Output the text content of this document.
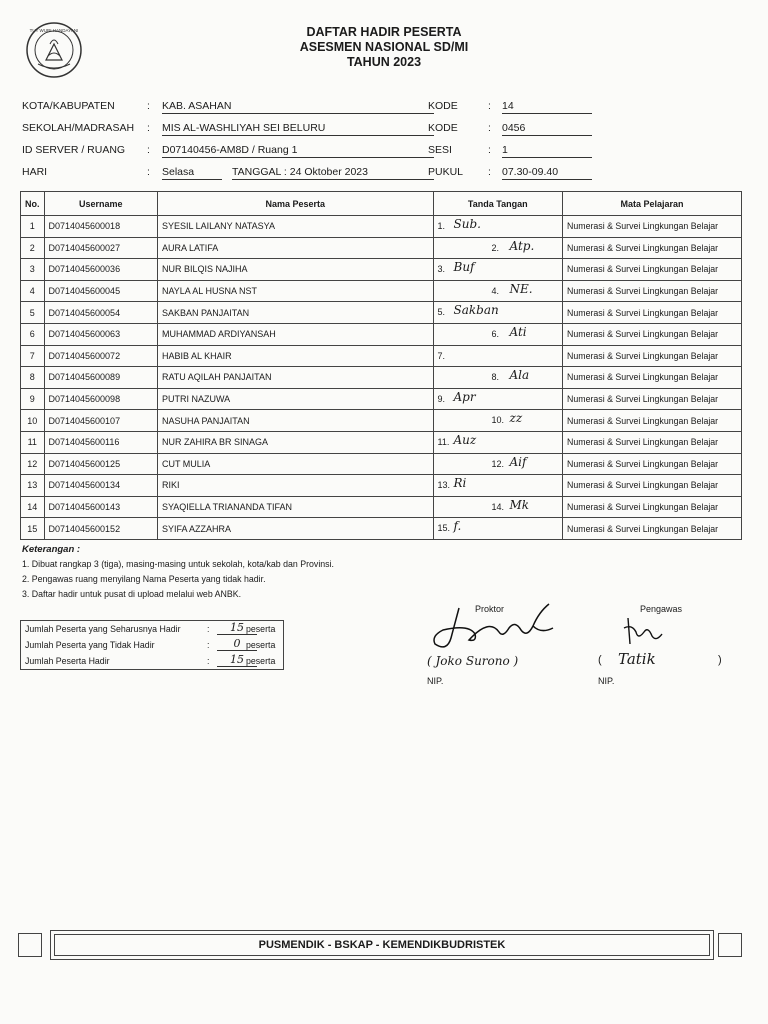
TUT WURI HANDAYANI	DAFTAR HADIR PESERTA
ASESMEN NASIONAL SD/MI
TAHUN 2023
KOTA/KABUPATEN	: KAB. ASAHAN	KODE	: 14
SEKOLAH/MADRASAH : MIS AL-WASHLIYAH SEI BELURU	KODE	: 0456
ID SERVER / RUANG : D07140456-AM8D / Ruang 1	SESI	: 1
HARI	: Selasa	TANGGAL : 24 Oktober 2023	PUKUL : 07.30-09.40
No.	Username	Nama Peserta	Tanda Tangan	Mata Pelajaran
1	D0714045600018	SYESIL LAILANY NATASYA	1. Sub.	Numerasi & Survei Lingkungan Belajar
2	D0714045600027	AURA LATIFA	2. Atp.	Numerasi & Survei Lingkungan Belajar
3	D0714045600036	NUR BILQIS NAJIHA	3. Buf	Numerasi & Survei Lingkungan Belajar
4	D0714045600045	NAYLA AL HUSNA NST	4. NE.	Numerasi & Survei Lingkungan Belajar
5	D0714045600054	SAKBAN PANJAITAN	5. Sakban	Numerasi & Survei Lingkungan Belajar
6	D0714045600063	MUHAMMAD ARDIYANSAH	6. Ati	Numerasi & Survei Lingkungan Belajar
7	D0714045600072	HABIB AL KHAIR	7.	Numerasi & Survei Lingkungan Belajar
8	D0714045600089	RATU AQILAH PANJAITAN	8. Ala	Numerasi & Survei Lingkungan Belajar
9	D0714045600098	PUTRI NAZUWA	9. Apr	Numerasi & Survei Lingkungan Belajar
10	D0714045600107	NASUHA PANJAITAN	10. zz	Numerasi & Survei Lingkungan Belajar
11	D0714045600116	NUR ZAHIRA BR SINAGA	11. Auz	Numerasi & Survei Lingkungan Belajar
12	D0714045600125	CUT MULIA	12. Aif	Numerasi & Survei Lingkungan Belajar
13	D0714045600134	RIKI	13. Ri	Numerasi & Survei Lingkungan Belajar
14	D0714045600143	SYAQIELLA TRIANANDA TIFAN	14. Mk	Numerasi & Survei Lingkungan Belajar
15	D0714045600152	SYIFA AZZAHRA	15. f.	Numerasi & Survei Lingkungan Belajar
Keterangan :
1. Dibuat rangkap 3 (tiga), masing-masing untuk sekolah, kota/kab dan Provinsi.
2. Pengawas ruang menyilang Nama Peserta yang tidak hadir.
3. Daftar hadir untuk pusat di upload melalui web ANBK.
Jumlah Peserta yang Seharusnya Hadir	:	15 peserta
Jumlah Peserta yang Tidak Hadir	:	0 peserta
Jumlah Peserta Hadir	:	15 peserta
Proktor
( Joko Surono )
NIP.
Pengawas
( Tatik	)
NIP.
PUSMENDIK - BSKAP - KEMENDIKBUDRISTEK
